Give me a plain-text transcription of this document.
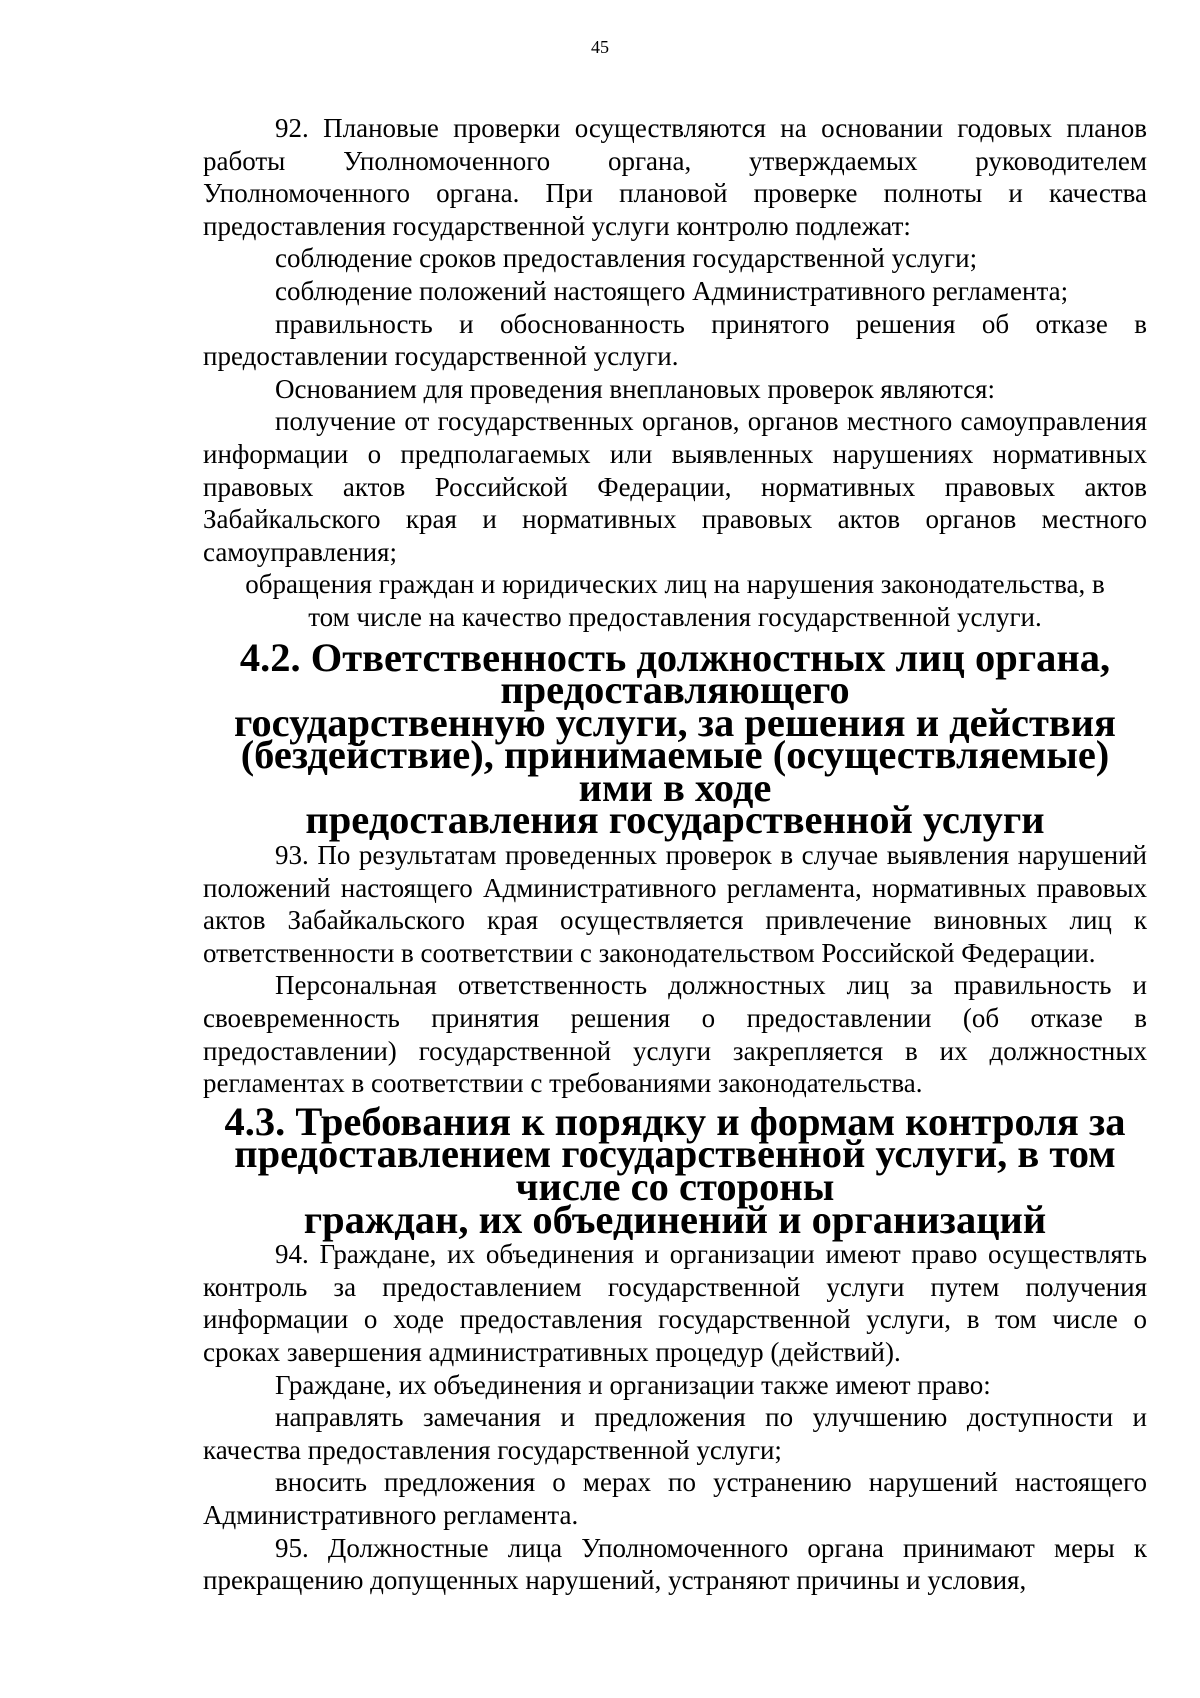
45

92. Плановые проверки осуществляются на основании годовых планов работы Уполномоченного органа, утверждаемых руководителем Уполномоченного органа. При плановой проверке полноты и качества предоставления государственной услуги контролю подлежат:

соблюдение сроков предоставления государственной услуги;

соблюдение положений настоящего Административного регламента;

правильность и обоснованность принятого решения об отказе в предоставлении государственной услуги.

Основанием для проведения внеплановых проверок являются:

получение от государственных органов, органов местного самоуправления информации о предполагаемых или выявленных нарушениях нормативных правовых актов Российской Федерации, нормативных правовых актов Забайкальского края и нормативных правовых актов органов местного самоуправления;

обращения граждан и юридических лиц на нарушения законодательства, в
том числе на качество предоставления государственной услуги.

4.2. Ответственность должностных лиц органа, предоставляющего
государственную услуги, за решения и действия
(бездействие), принимаемые (осуществляемые) ими в ходе
предоставления государственной услуги

93. По результатам проведенных проверок в случае выявления нарушений положений настоящего Административного регламента, нормативных правовых актов Забайкальского края осуществляется привлечение виновных лиц к ответственности в соответствии с законодательством Российской Федерации.

Персональная ответственность должностных лиц за правильность и своевременность принятия решения о предоставлении (об отказе в предоставлении) государственной услуги закрепляется в их должностных регламентах в соответствии с требованиями законодательства.

4.3. Требования к порядку и формам контроля за
предоставлением государственной услуги, в том числе со стороны
граждан, их объединений и организаций

94. Граждане, их объединения и организации имеют право осуществлять контроль за предоставлением государственной услуги путем получения информации о ходе предоставления государственной услуги, в том числе о сроках завершения административных процедур (действий).

Граждане, их объединения и организации также имеют право:

направлять замечания и предложения по улучшению доступности и качества предоставления государственной услуги;

вносить предложения о мерах по устранению нарушений настоящего Административного регламента.

95. Должностные лица Уполномоченного органа принимают меры к прекращению допущенных нарушений, устраняют причины и условия,
